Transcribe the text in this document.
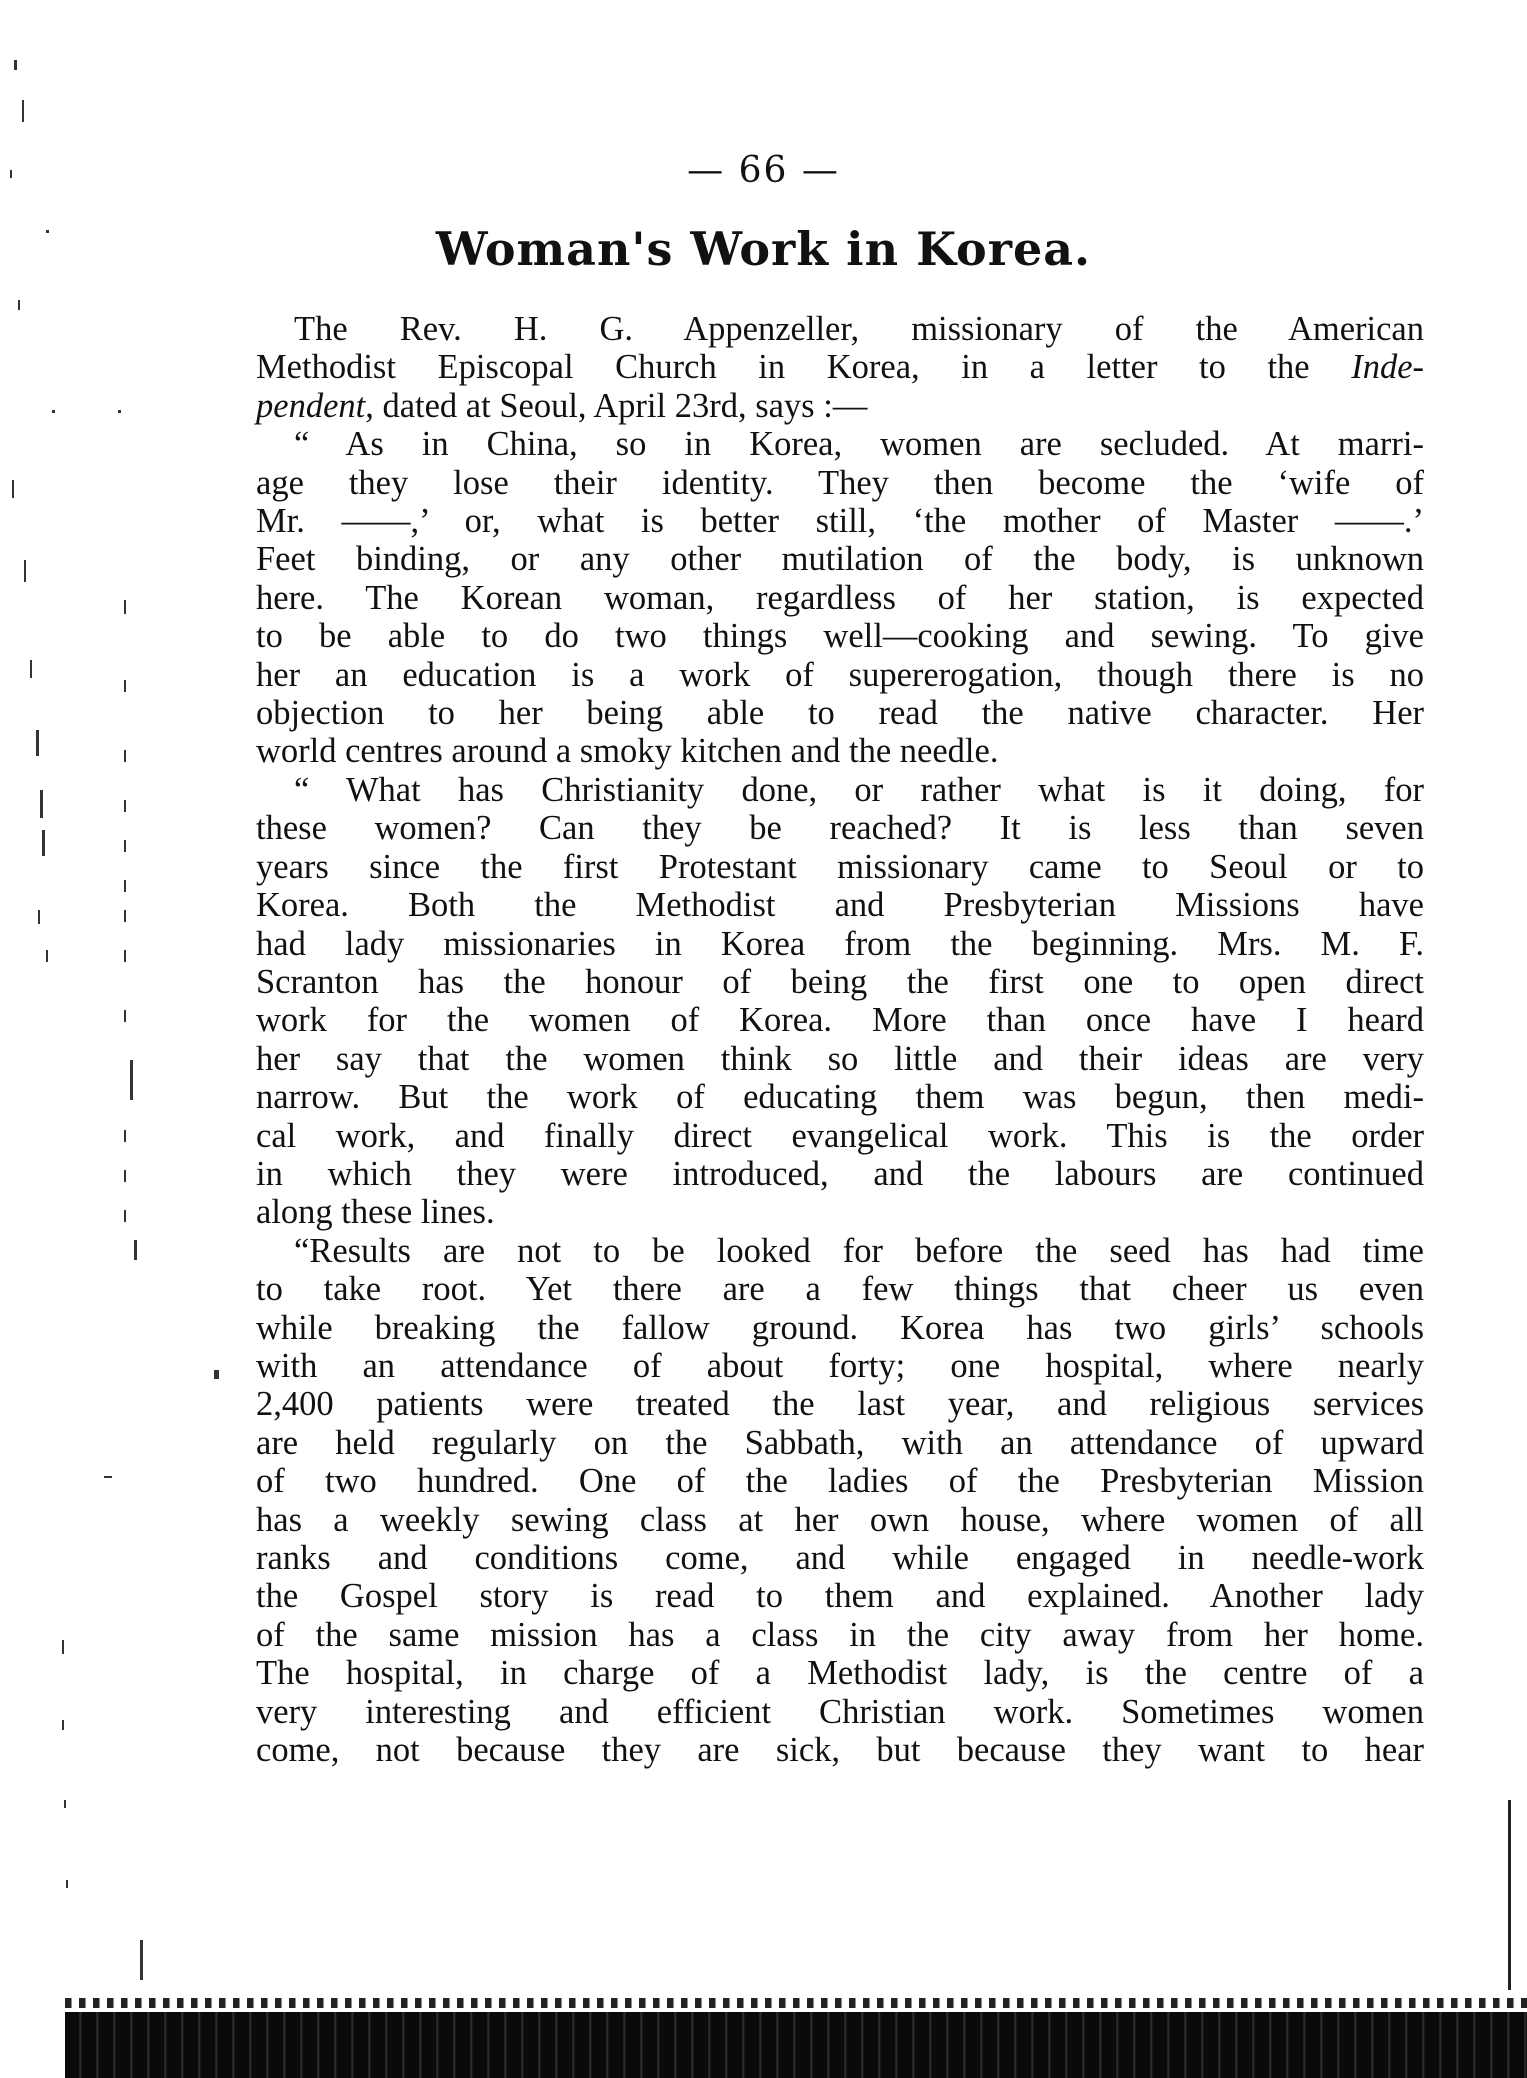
— 66 —
Woman's Work in Korea.
The Rev. H. G. Appenzeller, missionary of the American
Methodist Episcopal Church in Korea, in a letter to the Inde-
pendent, dated at Seoul, April 23rd, says :—
“ As in China, so in Korea, women are secluded. At marri-
age they lose their identity. They then become the ‘wife of
Mr. ——,’ or, what is better still, ‘the mother of Master ——.’
Feet binding, or any other mutilation of the body, is unknown
here. The Korean woman, regardless of her station, is expected
to be able to do two things well—cooking and sewing. To give
her an education is a work of supererogation, though there is no
objection to her being able to read the native character. Her
world centres around a smoky kitchen and the needle.
“ What has Christianity done, or rather what is it doing, for
these women? Can they be reached? It is less than seven
years since the first Protestant missionary came to Seoul or to
Korea. Both the Methodist and Presbyterian Missions have
had lady missionaries in Korea from the beginning. Mrs. M. F.
Scranton has the honour of being the first one to open direct
work for the women of Korea. More than once have I heard
her say that the women think so little and their ideas are very
narrow. But the work of educating them was begun, then medi-
cal work, and finally direct evangelical work. This is the order
in which they were introduced, and the labours are continued
along these lines.
“Results are not to be looked for before the seed has had time
to take root. Yet there are a few things that cheer us even
while breaking the fallow ground. Korea has two girls’ schools
with an attendance of about forty; one hospital, where nearly
2,400 patients were treated the last year, and religious services
are held regularly on the Sabbath, with an attendance of upward
of two hundred. One of the ladies of the Presbyterian Mission
has a weekly sewing class at her own house, where women of all
ranks and conditions come, and while engaged in needle-work
the Gospel story is read to them and explained. Another lady
of the same mission has a class in the city away from her home.
The hospital, in charge of a Methodist lady, is the centre of a
very interesting and efficient Christian work. Sometimes women
come, not because they are sick, but because they want to hear
